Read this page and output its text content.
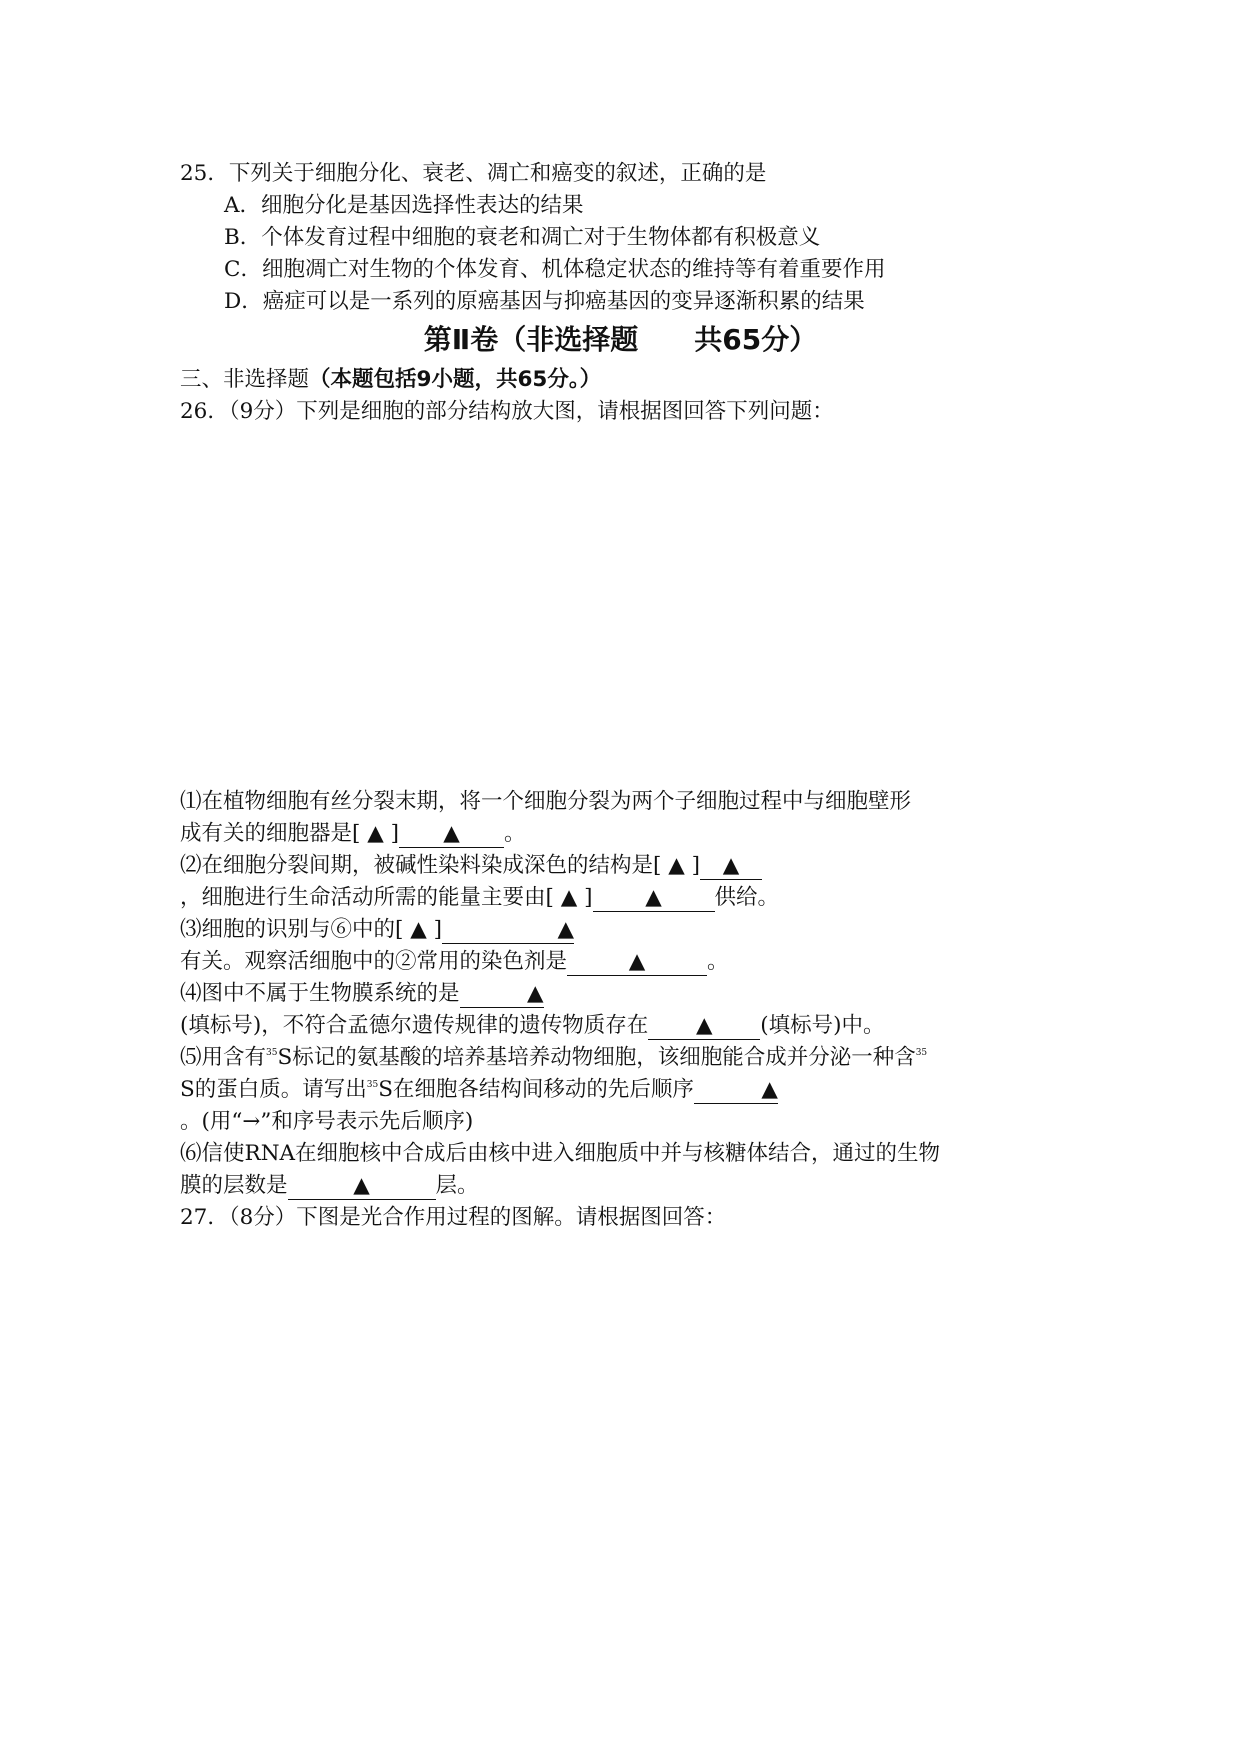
25．下列关于细胞分化、衰老、凋亡和癌变的叙述，正确的是
A．细胞分化是基因选择性表达的结果
B．个体发育过程中细胞的衰老和凋亡对于生物体都有积极意义
C．细胞凋亡对生物的个体发育、机体稳定状态的维持等有着重要作用
D．癌症可以是一系列的原癌基因与抑癌基因的变异逐渐积累的结果
第Ⅱ卷（非选择题　　共65分）
三、非选择题（本题包括9小题，共65分。）
26．（9分）下列是细胞的部分结构放大图，请根据图回答下列问题：
⑴在植物细胞有丝分裂末期，将一个细胞分裂为两个子细胞过程中与细胞壁形
成有关的细胞器是[ ▲ ] ▲ 。
⑵在细胞分裂间期，被碱性染料染成深色的结构是[ ▲ ] ▲
，细胞进行生命活动所需的能量主要由[ ▲ ] ▲ 供给。
⑶细胞的识别与⑥中的[ ▲ ]	▲
有关。观察活细胞中的②常用的染色剂是	▲	。
⑷图中不属于生物膜系统的是	▲
(填标号)，不符合孟德尔遗传规律的遗传物质存在 ▲ (填标号)中。
⑸用含有$^{35}$S标记的氨基酸的培养基培养动物细胞，该细胞能合成并分泌一种含$^{35}$
S的蛋白质。请写出$^{35}$S在细胞各结构间移动的先后顺序	▲
。(用“→”和序号表示先后顺序)
⑹信使RNA在细胞核中合成后由核中进入细胞质中并与核糖体结合，通过的生物
膜的层数是	▲	层。
27．（8分）下图是光合作用过程的图解。请根据图回答：
